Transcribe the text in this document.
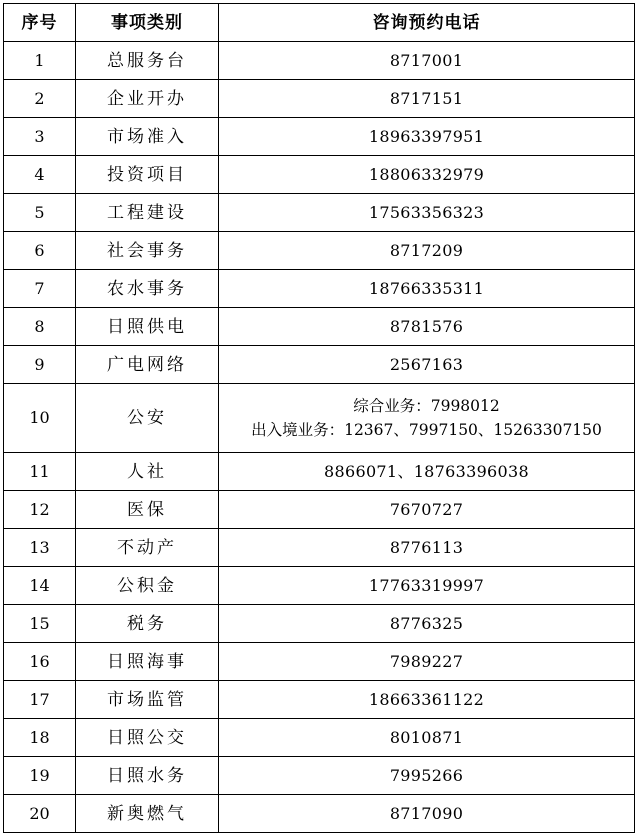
序号	事项类别	咨询预约电话
1	总服务台	8717001
2	企业开办	8717151
3	市场准入	18963397951
4	投资项目	18806332979
5	工程建设	17563356323
6	社会事务	8717209
7	农水事务	18766335311
8	日照供电	8781576
9	广电网络	2567163
10	公安	综合业务：7998012
出入境业务：12367、7997150、15263307150

11	人社	8866071、18763396038
12	医保	7670727
13	不动产	8776113
14	公积金	17763319997
15	税务	8776325
16	日照海事	7989227
17	市场监管	18663361122
18	日照公交	8010871
19	日照水务	7995266
20	新奥燃气	8717090
